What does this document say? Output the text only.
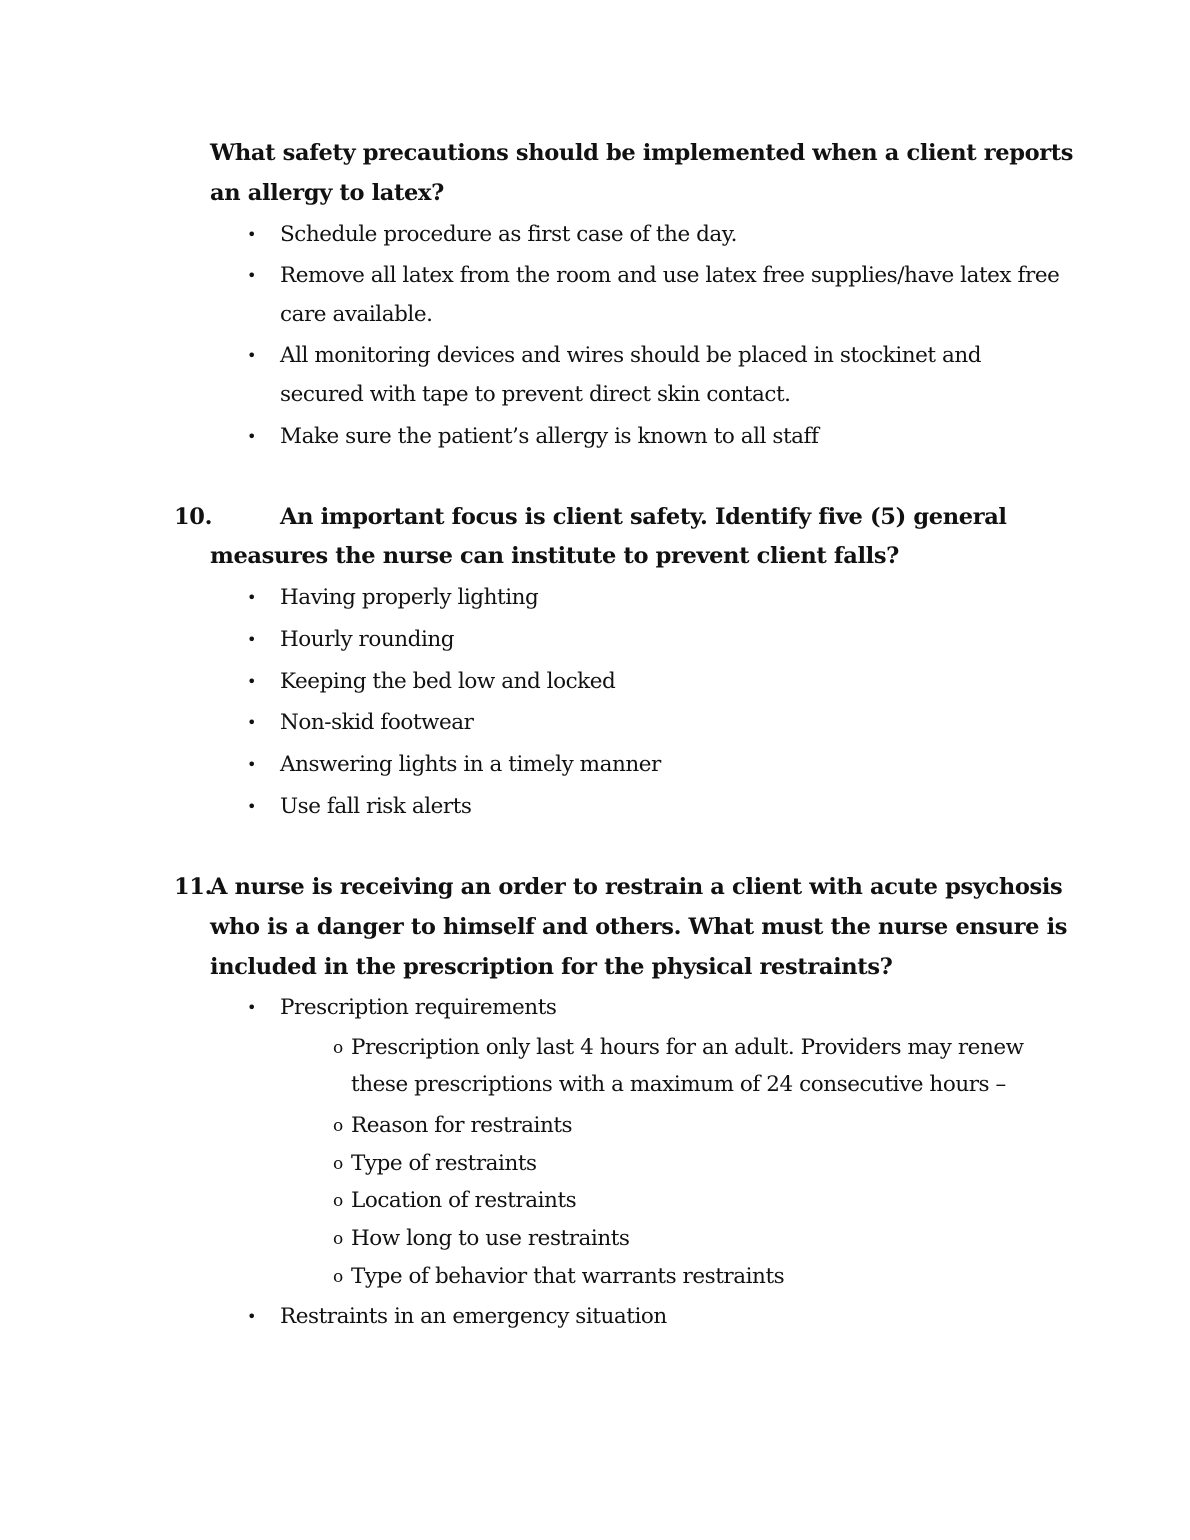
What safety precautions should be implemented when a client reports
an allergy to latex?
• Schedule procedure as first case of the day.
• Remove all latex from the room and use latex free supplies/have latex free
care available.
• All monitoring devices and wires should be placed in stockinet and
secured with tape to prevent direct skin contact.
• Make sure the patient’s allergy is known to all staff
10.	An important focus is client safety. Identify five (5) general
measures the nurse can institute to prevent client falls?
• Having properly lighting
• Hourly rounding
• Keeping the bed low and locked
• Non-skid footwear
• Answering lights in a timely manner
• Use fall risk alerts
11.
A nurse is receiving an order to restrain a client with acute psychosis
who is a danger to himself and others. What must the nurse ensure is
included in the prescription for the physical restraints?
• Prescription requirements
o Prescription only last 4 hours for an adult. Providers may renew
these prescriptions with a maximum of 24 consecutive hours –
o Reason for restraints
o Type of restraints
o Location of restraints
o How long to use restraints
o Type of behavior that warrants restraints
• Restraints in an emergency situation
